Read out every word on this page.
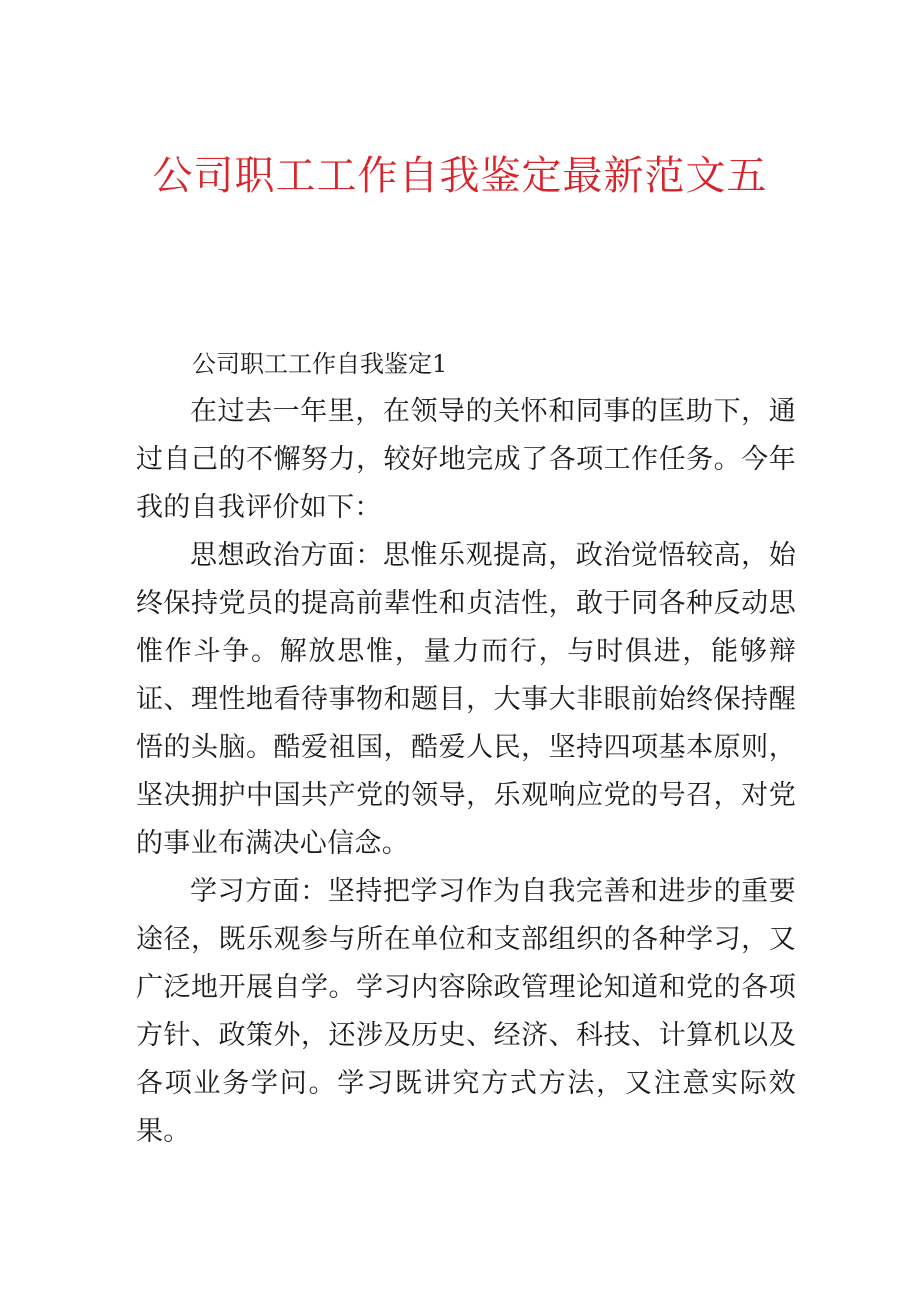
公司职工工作自我鉴定最新范文五

公司职工工作自我鉴定1

在过去一年里，在领导的关怀和同事的匡助下，通过自己的不懈努力，较好地完成了各项工作任务。今年我的自我评价如下：

思想政治方面：思惟乐观提高，政治觉悟较高，始终保持党员的提高前辈性和贞洁性，敢于同各种反动思惟作斗争。解放思惟，量力而行，与时俱进，能够辩证、理性地看待事物和题目，大事大非眼前始终保持醒悟的头脑。酷爱祖国，酷爱人民，坚持四项基本原则，坚决拥护中国共产党的领导，乐观响应党的号召，对党的事业布满决心信念。

学习方面：坚持把学习作为自我完善和进步的重要途径，既乐观参与所在单位和支部组织的各种学习，又广泛地开展自学。学习内容除政管理论知道和党的各项方针、政策外，还涉及历史、经济、科技、计算机以及各项业务学问。学习既讲究方式方法，又注意实际效果。
